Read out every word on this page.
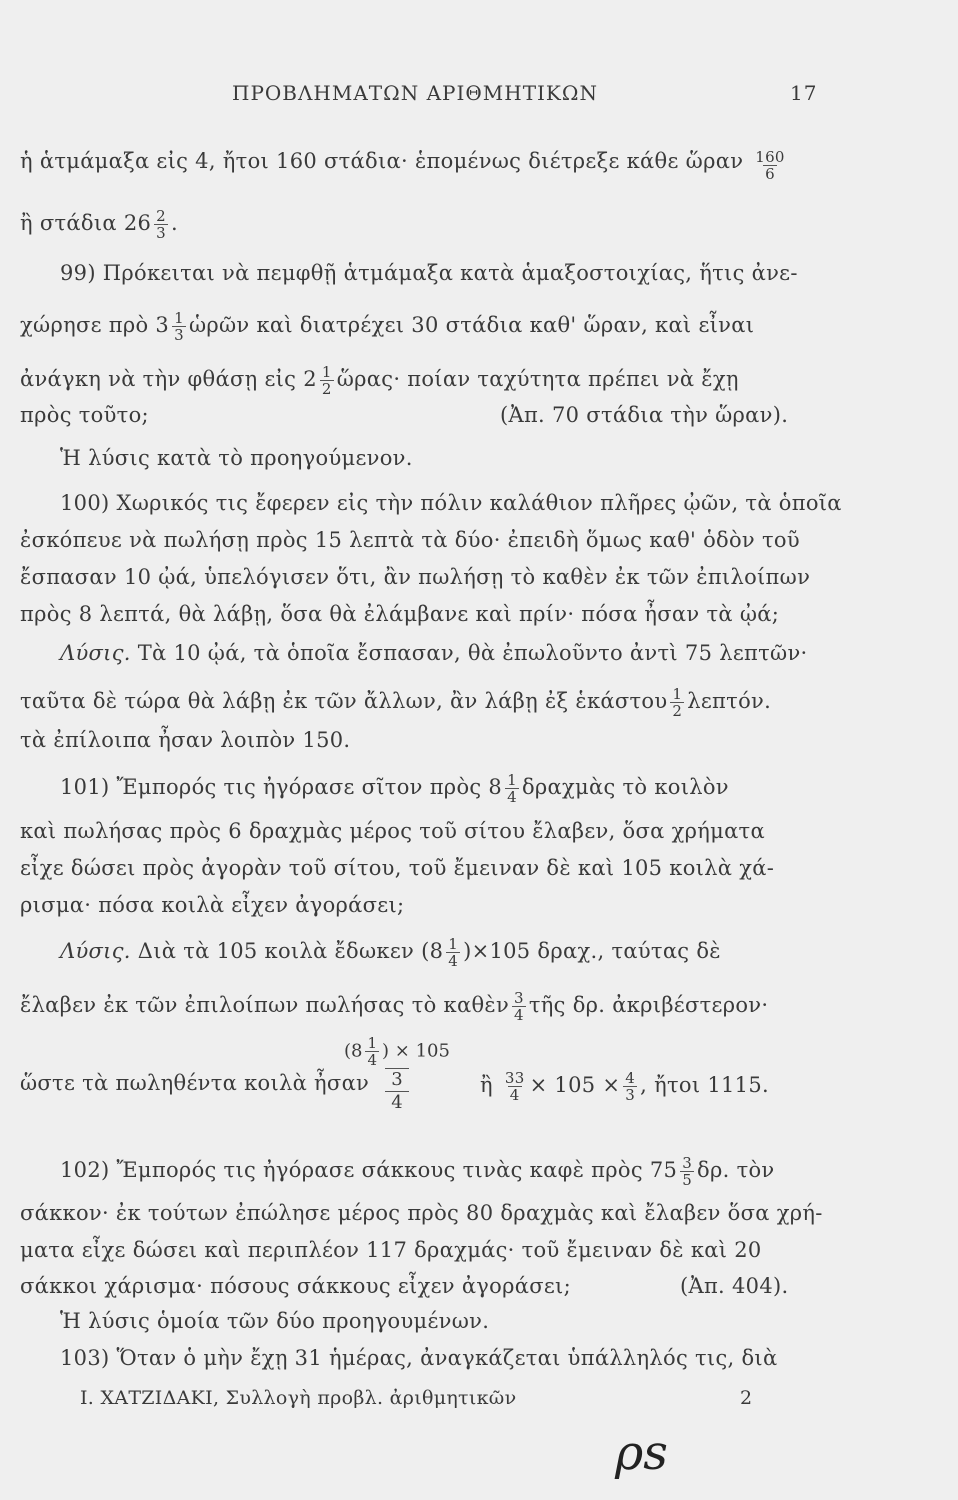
ΠΡΟΒΛΗΜΑΤΩΝ ΑΡΙΘΜΗΤΙΚΩΝ	17
ἡ ἁτμάμαξα εἰς 4, ἤτοι 160 στάδια· ἑπομένως διέτρεξε κάθε ὥραν $\frac{160}{6}$
ἢ στάδια $26 \frac{2}{3}$ .
99) Πρόκειται νὰ πεμφθῇ ἁτμάμαξα κατὰ ἁμαξοστοιχίας, ἥτις ἀνε-
χώρησε πρὸ $3 \frac{1}{3}$ ὡρῶν καὶ διατρέχει 30 στάδια καθ' ὥραν, καὶ εἶναι
ἀνάγκη νὰ τὴν φθάσῃ εἰς $2 \frac{1}{2}$ ὥρας· ποίαν ταχύτητα πρέπει νὰ ἔχῃ
πρὸς τοῦτο;	(Ἀπ. 70 στάδια τὴν ὥραν).
Ἡ λύσις κατὰ τὸ προηγούμενον.
100) Χωρικός τις ἔφερεν εἰς τὴν πόλιν καλάθιον πλῆρες ᾠῶν, τὰ ὁποῖα
ἐσκόπευε νὰ πωλήσῃ πρὸς 15 λεπτὰ τὰ δύο· ἐπειδὴ ὅμως καθ' ὁδὸν τοῦ
ἔσπασαν 10 ᾠά, ὑπελόγισεν ὅτι, ἂν πωλήσῃ τὸ καθὲν ἐκ τῶν ἐπιλοίπων
πρὸς 8 λεπτά, θὰ λάβῃ, ὅσα θὰ ἐλάμβανε καὶ πρίν· πόσα ἦσαν τὰ ᾠά;
Λύσις. Τὰ 10 ᾠά, τὰ ὁποῖα ἔσπασαν, θὰ ἐπωλοῦντο ἀντὶ 75 λεπτῶν·
ταῦτα δὲ τώρα θὰ λάβῃ ἐκ τῶν ἄλλων, ἂν λάβῃ ἐξ ἑκάστου $\frac{1}{2} \lambda\varepsilon\pi\tau ό\nu$.
τὰ ἐπίλοιπα ἦσαν λοιπὸν 150.
101) Ἔμπορός τις ἠγόρασε σῖτον πρὸς $8 \frac{1}{4}$ δραχμὰς τὸ κοιλὸν
καὶ πωλήσας πρὸς 6 δραχμὰς μέρος τοῦ σίτου ἔλαβεν, ὅσα χρήματα
εἶχε δώσει πρὸς ἀγορὰν τοῦ σίτου, τοῦ ἔμειναν δὲ καὶ 105 κοιλὰ χά-
ρισμα· πόσα κοιλὰ εἶχεν ἀγοράσει;
Λύσις. Διὰ τὰ 105 κοιλὰ ἔδωκεν $(8 \frac{1}{4} )\times 105$ δραχ., ταύτας δὲ
ἔλαβεν ἐκ τῶν ἐπιλοίπων πωλήσας τὸ καθὲν $\frac{3}{4}$ τῆς δρ. ἀκριβέστερον·
ὥστε τὰ πωληθέντα κοιλὰ ἦσαν
($8 \frac{1}{4}$ ) × 105
3
4
ἢ $\frac{33}{4} \times 105 \times \frac{4}{3}$ , ἤτοι 1115.
102) Ἔμπορός τις ἠγόρασε σάκκους τινὰς καφὲ πρὸς $75 \frac{3}{5} \delta\rho$. τὸν
σάκκον· ἐκ τούτων ἐπώλησε μέρος πρὸς 80 δραχμὰς καὶ ἔλαβεν ὅσα χρή-
ματα εἶχε δώσει καὶ περιπλέον 117 δραχμάς· τοῦ ἔμειναν δὲ καὶ 20
σάκκοι χάρισμα· πόσους σάκκους εἶχεν ἀγοράσει;	(Ἀπ. 404).
Ἡ λύσις ὁμοία τῶν δύο προηγουμένων.
103) Ὅταν ὁ μὴν ἔχῃ 31 ἡμέρας, ἀναγκάζεται ὑπάλληλός τις, διὰ
Ι. ΧΑΤΖΙΔΑΚΙ, Συλλογὴ προβλ. ἀριθμητικῶν	2
ρs
